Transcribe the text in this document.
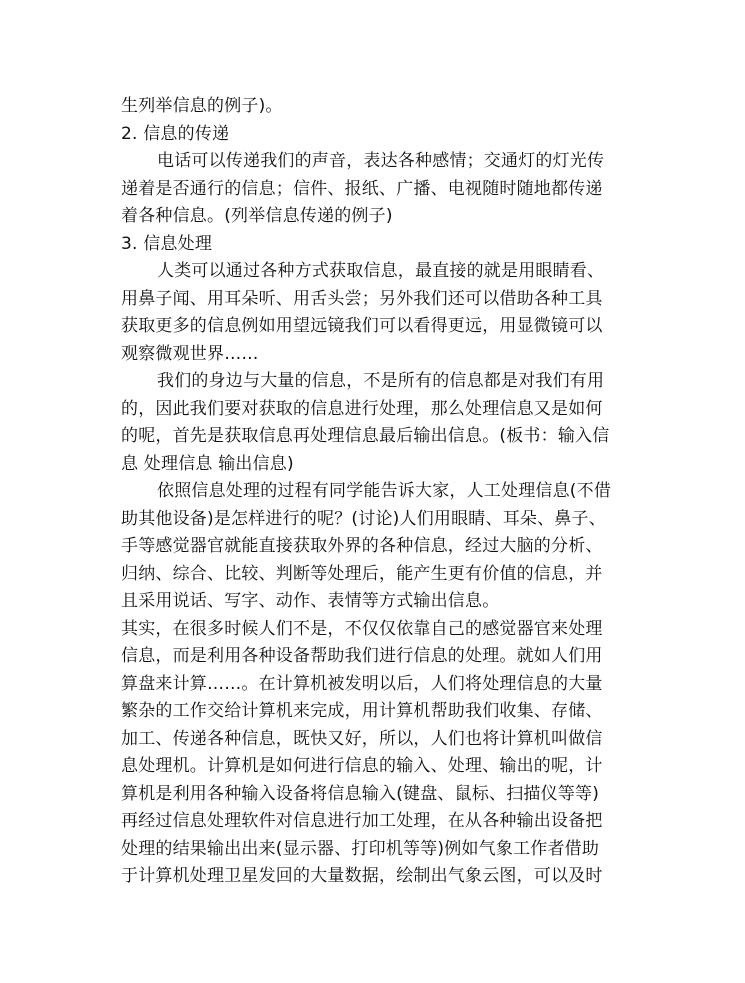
生列举信息的例子)。
2. 信息的传递
电话可以传递我们的声音，表达各种感情；交通灯的灯光传
递着是否通行的信息；信件、报纸、广播、电视随时随地都传递
着各种信息。(列举信息传递的例子)
3. 信息处理
人类可以通过各种方式获取信息，最直接的就是用眼睛看、
用鼻子闻、用耳朵听、用舌头尝；另外我们还可以借助各种工具
获取更多的信息例如用望远镜我们可以看得更远，用显微镜可以
观察微观世界……
我们的身边与大量的信息，不是所有的信息都是对我们有用
的，因此我们要对获取的信息进行处理，那么处理信息又是如何
的呢，首先是获取信息再处理信息最后输出信息。(板书：输入信
息 处理信息 输出信息)
依照信息处理的过程有同学能告诉大家，人工处理信息(不借
助其他设备)是怎样进行的呢？(讨论)人们用眼睛、耳朵、鼻子、
手等感觉器官就能直接获取外界的各种信息，经过大脑的分析、
归纳、综合、比较、判断等处理后，能产生更有价值的信息，并
且采用说话、写字、动作、表情等方式输出信息。
其实，在很多时候人们不是，不仅仅依靠自己的感觉器官来处理
信息，而是利用各种设备帮助我们进行信息的处理。就如人们用
算盘来计算……。在计算机被发明以后，人们将处理信息的大量
繁杂的工作交给计算机来完成，用计算机帮助我们收集、存储、
加工、传递各种信息，既快又好，所以，人们也将计算机叫做信
息处理机。计算机是如何进行信息的输入、处理、输出的呢，计
算机是利用各种输入设备将信息输入(键盘、鼠标、扫描仪等等)
再经过信息处理软件对信息进行加工处理，在从各种输出设备把
处理的结果输出出来(显示器、打印机等等)例如气象工作者借助
于计算机处理卫星发回的大量数据，绘制出气象云图，可以及时
